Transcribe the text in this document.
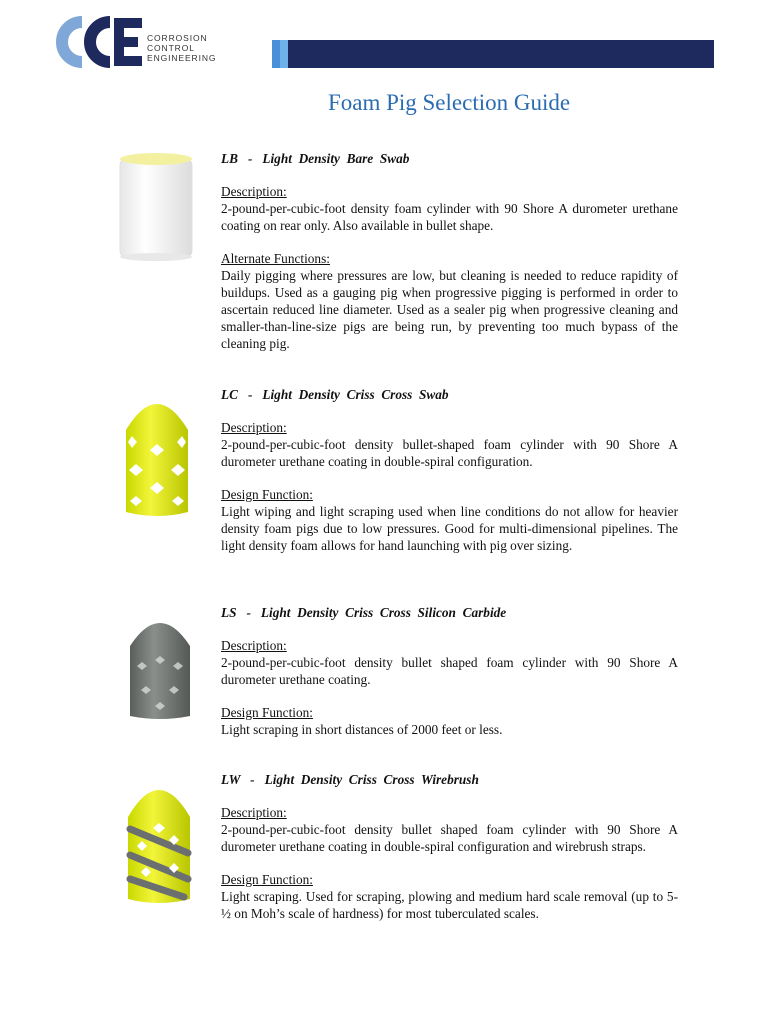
CORROSION
CONTROL
ENGINEERING
Foam Pig Selection Guide
LB   -   Light  Density  Bare  Swab
Description:
2-pound-per-cubic-foot density foam cylinder with 90 Shore A durometer urethane coating on rear only. Also available in bullet shape.
Alternate Functions:
Daily pigging where pressures are low, but cleaning is needed to reduce rapidity of buildups. Used as a gauging pig when progressive pigging is performed in order to ascertain reduced line diameter. Used as a sealer pig when progressive cleaning and smaller-than-line-size pigs are being run, by preventing too much bypass of the cleaning pig.
LC   -   Light  Density  Criss  Cross  Swab
Description:
2-pound-per-cubic-foot density bullet-shaped foam cylinder with 90 Shore A durometer urethane coating in double-spiral configuration.
Design Function:
Light wiping and light scraping used when line conditions do not allow for heavier density foam pigs due to low pressures. Good for multi-dimensional pipelines. The light density foam allows for hand launching with pig over sizing.
LS   -   Light  Density  Criss  Cross  Silicon  Carbide
Description:
2-pound-per-cubic-foot density bullet shaped foam cylinder with 90 Shore A durometer urethane coating.
Design Function:
Light scraping in short distances of 2000 feet or less.
LW   -   Light  Density  Criss  Cross  Wirebrush
Description:
2-pound-per-cubic-foot density bullet shaped foam cylinder with 90 Shore A durometer urethane coating in double-spiral configuration and wirebrush straps.
Design Function:
Light scraping. Used for scraping, plowing and medium hard scale removal (up to 5-½ on Moh’s scale of hardness) for most tuberculated scales.
